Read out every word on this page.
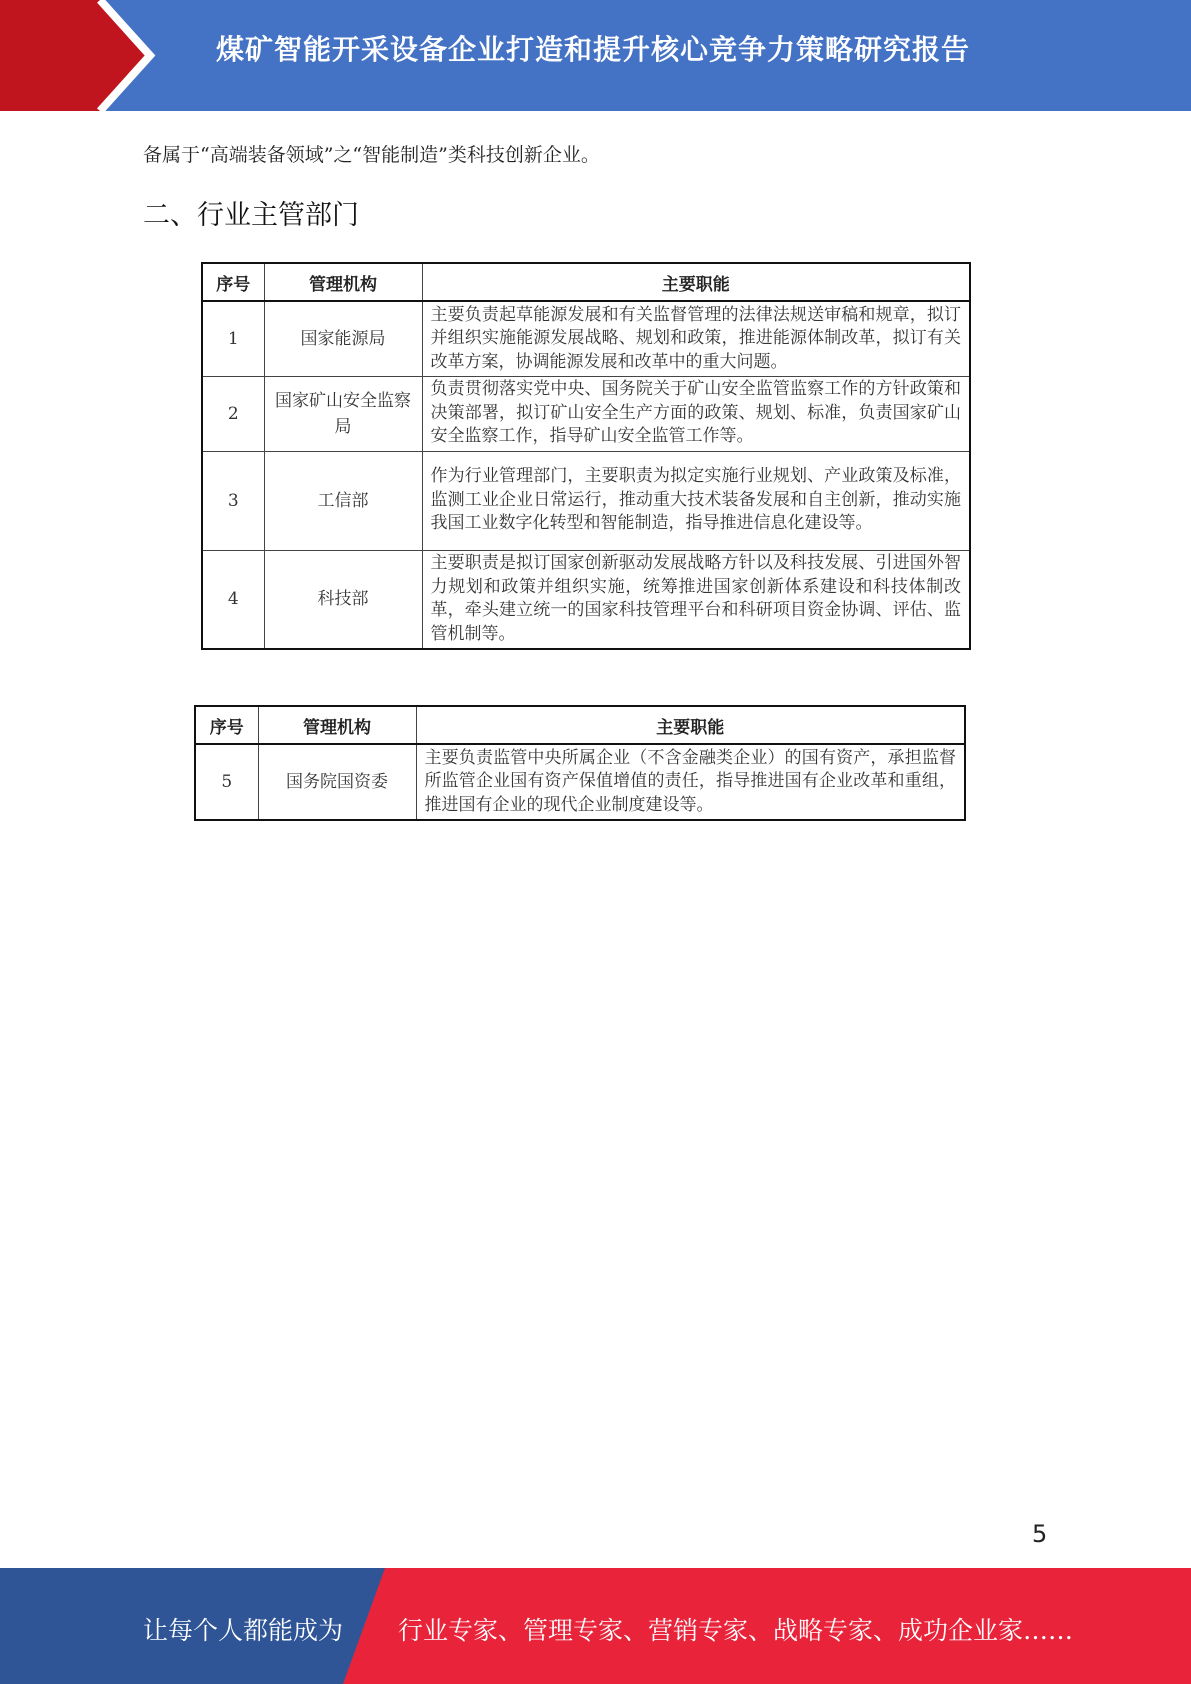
煤矿智能开采设备企业打造和提升核心竞争力策略研究报告
备属于“高端装备领域”之“智能制造”类科技创新企业。
二、行业主管部门
序号	管理机构	主要职能
1	国家能源局	主要负责起草能源发展和有关监督管理的法律法规送审稿和规章，拟订并组织实施能源发展战略、规划和政策，推进能源体制改革，拟订有关改革方案，协调能源发展和改革中的重大问题。
2	国家矿山安全监察局	负责贯彻落实党中央、国务院关于矿山安全监管监察工作的方针政策和决策部署，拟订矿山安全生产方面的政策、规划、标准，负责国家矿山安全监察工作，指导矿山安全监管工作等。
3	工信部	作为行业管理部门，主要职责为拟定实施行业规划、产业政策及标准，监测工业企业日常运行，推动重大技术装备发展和自主创新，推动实施我国工业数字化转型和智能制造，指导推进信息化建设等。
4	科技部	主要职责是拟订国家创新驱动发展战略方针以及科技发展、引进国外智力规划和政策并组织实施，统筹推进国家创新体系建设和科技体制改革，牵头建立统一的国家科技管理平台和科研项目资金协调、评估、监管机制等。
序号	管理机构	主要职能
5	国务院国资委	主要负责监管中央所属企业（不含金融类企业）的国有资产，承担监督所监管企业国有资产保值增值的责任，指导推进国有企业改革和重组，推进国有企业的现代企业制度建设等。
5
让每个人都能成为 行业专家、管理专家、营销专家、战略专家、成功企业家……
